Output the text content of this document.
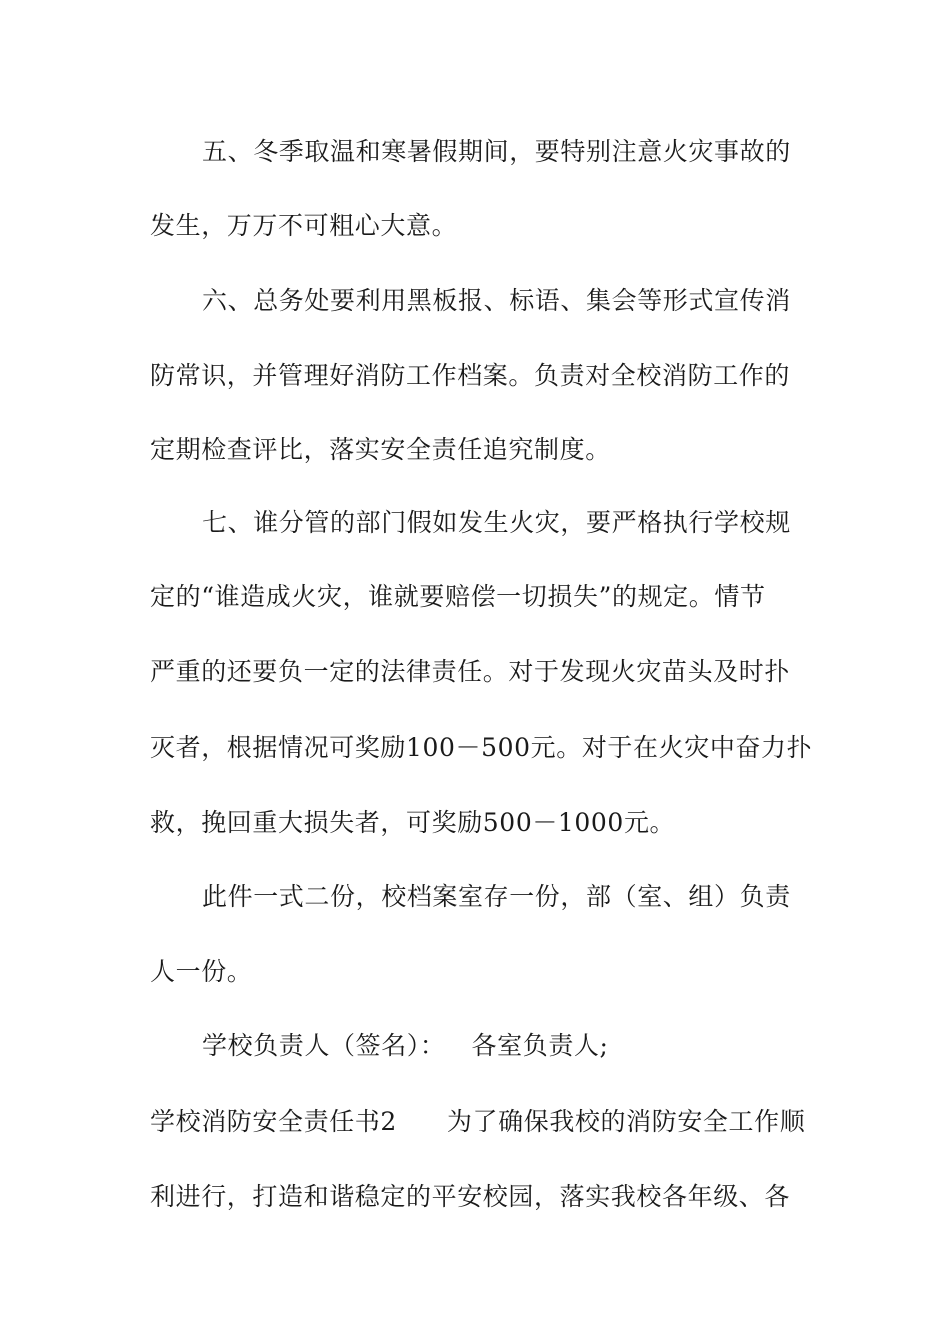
五、冬季取温和寒暑假期间，要特别注意火灾事故的
发生，万万不可粗心大意。
六、总务处要利用黑板报、标语、集会等形式宣传消
防常识，并管理好消防工作档案。负责对全校消防工作的
定期检查评比，落实安全责任追究制度。
七、谁分管的部门假如发生火灾，要严格执行学校规
定的“谁造成火灾，谁就要赔偿一切损失”的规定。情节
严重的还要负一定的法律责任。对于发现火灾苗头及时扑
灭者，根据情况可奖励100－500元。对于在火灾中奋力扑
救，挽回重大损失者，可奖励500－1000元。
此件一式二份，校档案室存一份，部（室、组）负责
人一份。
学校负责人（签名）： 各室负责人;
学校消防安全责任书2 为了确保我校的消防安全工作顺
利进行，打造和谐稳定的平安校园，落实我校各年级、各
